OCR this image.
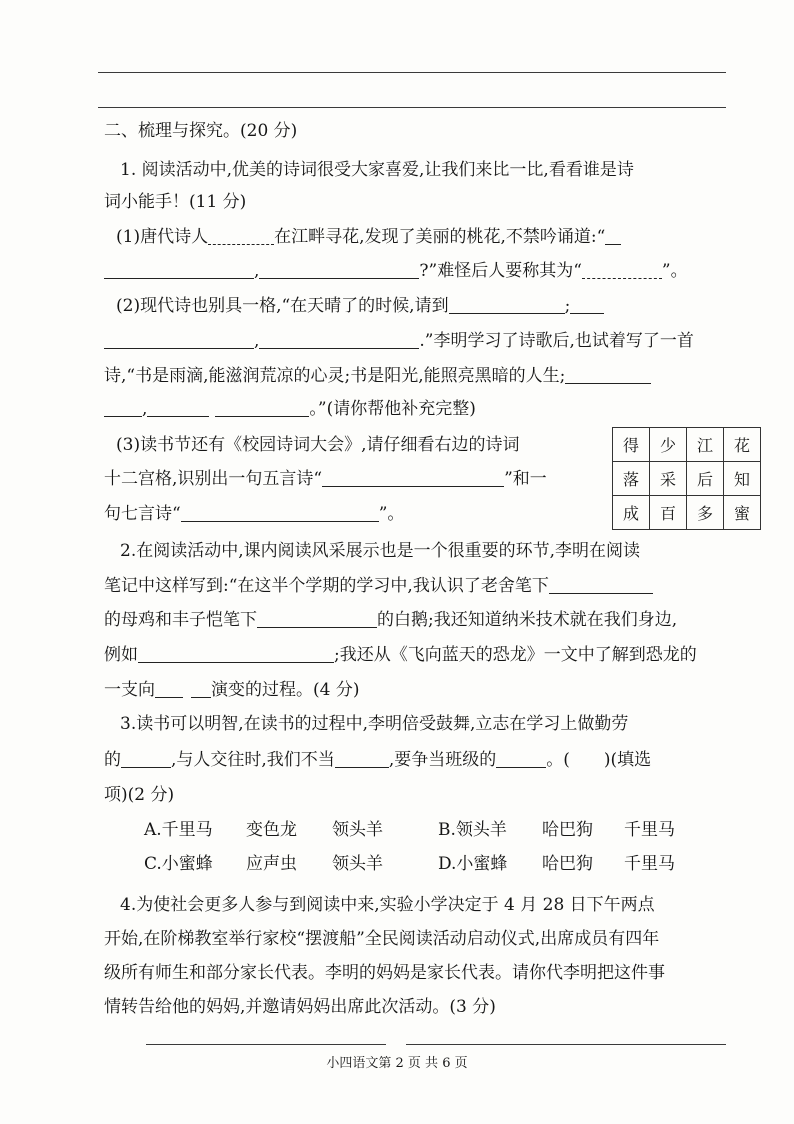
二、梳理与探究。(20 分)
1. 阅读活动中,优美的诗词很受大家喜爱,让我们来比一比,看看谁是诗
词小能手！(11 分)
(1)唐代诗人	在江畔寻花,发现了美丽的桃花,不禁吟诵道:“
,	?”难怪后人要称其为“	”。
(2)现代诗也别具一格,“在天晴了的时候,请到	;
,	.”李明学习了诗歌后,也试着写了一首
诗,“书是雨滴,能滋润荒凉的心灵;书是阳光,能照亮黑暗的人生;
,	。”(请你帮他补充完整)
(3)读书节还有《校园诗词大会》,请仔细看右边的诗词
十二宫格,识别出一句五言诗“	”和一
句七言诗“	”。
2.在阅读活动中,课内阅读风采展示也是一个很重要的环节,李明在阅读
笔记中这样写到:“在这半个学期的学习中,我认识了老舍笔下
的母鸡和丰子恺笔下	的白鹅;我还知道纳米技术就在我们身边,
例如	;我还从《飞向蓝天的恐龙》一文中了解到恐龙的
一支向	演变的过程。(4 分)
3.读书可以明智,在读书的过程中,李明倍受鼓舞,立志在学习上做勤劳
的	,与人交往时,我们不当	,要争当班级的	。( )(填选
项)(2 分)
A.千里马 变色龙 领头羊	B.领头羊 哈巴狗 千里马
C.小蜜蜂 应声虫 领头羊	D.小蜜蜂 哈巴狗 千里马
4.为使社会更多人参与到阅读中来,实验小学决定于 4 月 28 日下午两点
开始,在阶梯教室举行家校“摆渡船”全民阅读活动启动仪式,出席成员有四年
级所有师生和部分家长代表。李明的妈妈是家长代表。请你代李明把这件事
情转告给他的妈妈,并邀请妈妈出席此次活动。(3 分)
得	少	江	花
落	采	后	知
成	百	多	蜜
小四语文第 2 页 共 6 页
